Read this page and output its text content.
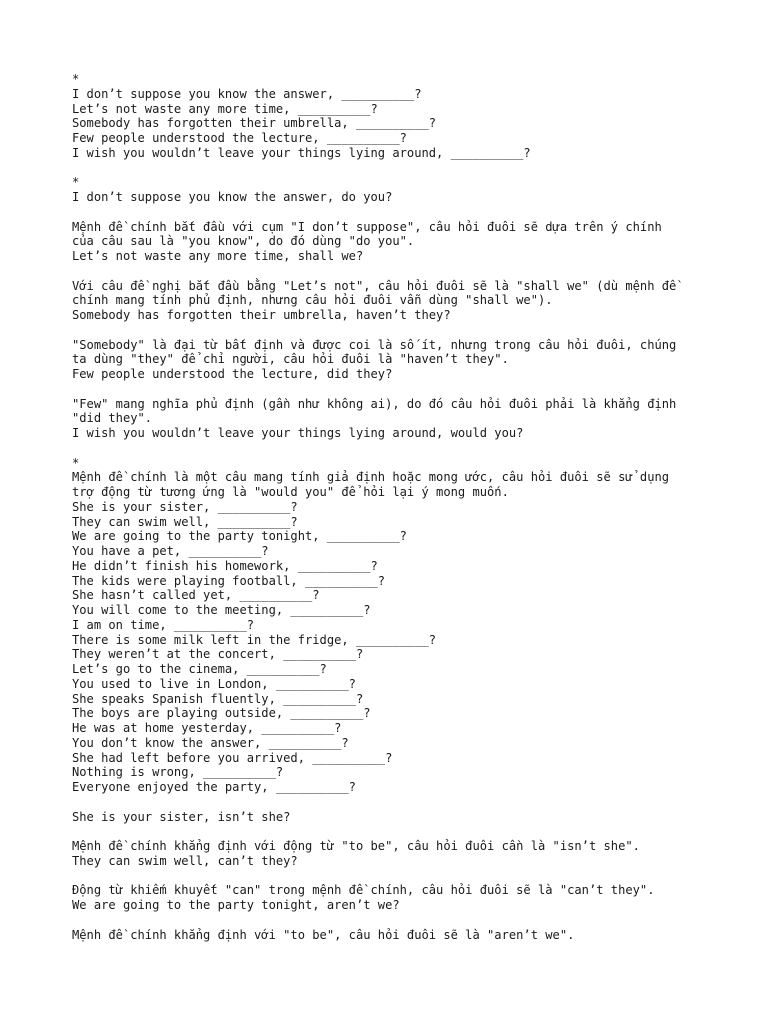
*
I don’t suppose you know the answer, __________?
Let’s not waste any more time, __________?
Somebody has forgotten their umbrella, __________?
Few people understood the lecture, __________?
I wish you wouldn’t leave your things lying around, __________?
*
I don’t suppose you know the answer, do you?
Mệnh đề chính bắt đầu với cụm "I don’t suppose", câu hỏi đuôi sẽ dựa trên ý chính
của câu sau là "you know", do đó dùng "do you".
Let’s not waste any more time, shall we?
Với câu đề nghị bắt đầu bằng "Let’s not", câu hỏi đuôi sẽ là "shall we" (dù mệnh đề
chính mang tính phủ định, nhưng câu hỏi đuôi vẫn dùng "shall we").
Somebody has forgotten their umbrella, haven’t they?
"Somebody" là đại từ bất định và được coi là số ít, nhưng trong câu hỏi đuôi, chúng
ta dùng "they" để chỉ người, câu hỏi đuôi là "haven’t they".
Few people understood the lecture, did they?
"Few" mang nghĩa phủ định (gần như không ai), do đó câu hỏi đuôi phải là khẳng định
"did they".
I wish you wouldn’t leave your things lying around, would you?
*
Mệnh đề chính là một câu mang tính giả định hoặc mong ước, câu hỏi đuôi sẽ sử dụng
trợ động từ tương ứng là "would you" để hỏi lại ý mong muốn.
She is your sister, __________?
They can swim well, __________?
We are going to the party tonight, __________?
You have a pet, __________?
He didn’t finish his homework, __________?
The kids were playing football, __________?
She hasn’t called yet, __________?
You will come to the meeting, __________?
I am on time, __________?
There is some milk left in the fridge, __________?
They weren’t at the concert, __________?
Let’s go to the cinema, __________?
You used to live in London, __________?
She speaks Spanish fluently, __________?
The boys are playing outside, __________?
He was at home yesterday, __________?
You don’t know the answer, __________?
She had left before you arrived, __________?
Nothing is wrong, __________?
Everyone enjoyed the party, __________?
She is your sister, isn’t she?
Mệnh đề chính khẳng định với động từ "to be", câu hỏi đuôi cần là "isn’t she".
They can swim well, can’t they?
Động từ khiếm khuyết "can" trong mệnh đề chính, câu hỏi đuôi sẽ là "can’t they".
We are going to the party tonight, aren’t we?
Mệnh đề chính khẳng định với "to be", câu hỏi đuôi sẽ là "aren’t we".
